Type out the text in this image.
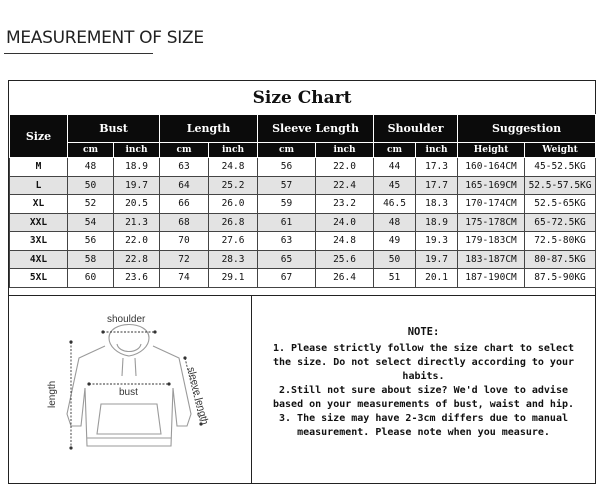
MEASUREMENT OF SIZE
Size Chart
Size	Bust		Length		Sleeve Length		Shoulder		Suggestion	
	cm	inch	cm	inch	cm	inch	cm	inch	Height	Weight
M	48	18.9	63	24.8	56	22.0	44	17.3	160-164CM	45-52.5KG
L	50	19.7	64	25.2	57	22.4	45	17.7	165-169CM	52.5-57.5KG
XL	52	20.5	66	26.0	59	23.2	46.5	18.3	170-174CM	52.5-65KG
XXL	54	21.3	68	26.8	61	24.0	48	18.9	175-178CM	65-72.5KG
3XL	56	22.0	70	27.6	63	24.8	49	19.3	179-183CM	72.5-80KG
4XL	58	22.8	72	28.3	65	25.6	50	19.7	183-187CM	80-87.5KG
5XL	60	23.6	74	29.1	67	26.4	51	20.1	187-190CM	87.5-90KG
shoulder
bust
length	sleeve length
NOTE:
1. Please strictly follow the size chart to select
the size. Do not select directly according to your
habits.
2.Still not sure about size? We'd love to advise
based on your measurements of bust, waist and hip.
3. The size may have 2-3cm differs due to manual
measurement. Please note when you measure.
